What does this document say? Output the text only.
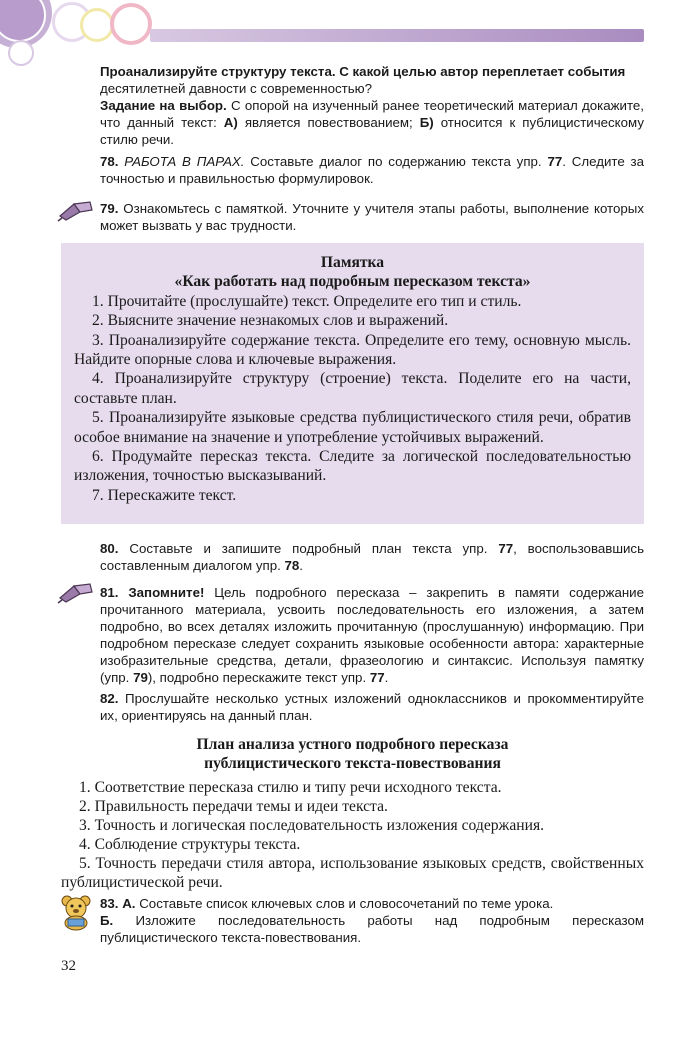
Проанализируйте структуру текста. С какой целью автор переплетает события
десятилетней давности с современностью?

Задание на выбор. С опорой на изученный ранее теоретический материал докажите, что данный текст: А) является повествованием; Б) относится к публицистическому стилю речи.

78. РАБОТА В ПАРАХ. Составьте диалог по содержанию текста упр. 77. Следите за точностью и правильностью формулировок.

79. Ознакомьтесь с памяткой. Уточните у учителя этапы работы, выполнение которых может вызвать у вас трудности.

Памятка
«Как работать над подробным пересказом текста»

1. Прочитайте (прослушайте) текст. Определите его тип и стиль.

2. Выясните значение незнакомых слов и выражений.

3. Проанализируйте содержание текста. Определите его тему, основную мысль. Найдите опорные слова и ключевые выражения.

4. Проанализируйте структуру (строение) текста. Поделите его на части, составьте план.

5. Проанализируйте языковые средства публицистического стиля речи, обратив особое внимание на значение и употребление устойчивых выражений.

6. Продумайте пересказ текста. Следите за логической последовательностью изложения, точностью высказываний.

7. Перескажите текст.

80. Составьте и запишите подробный план текста упр. 77, воспользовавшись составленным диалогом упр. 78.

81. Запомните! Цель подробного пересказа – закрепить в памяти содержание прочитанного материала, усвоить последовательность его изложения, а затем подробно, во всех деталях изложить прочитанную (прослушанную) информацию. При подробном пересказе следует сохранить языковые особенности автора: характерные изобразительные средства, детали, фразеологию и синтаксис. Используя памятку (упр. 79), подробно перескажите текст упр. 77.

82. Прослушайте несколько устных изложений одноклассников и прокомментируйте их, ориентируясь на данный план.

План анализа устного подробного пересказа
публицистического текста-повествования

1. Соответствие пересказа стилю и типу речи исходного текста.

2. Правильность передачи темы и идеи текста.

3. Точность и логическая последовательность изложения содержания.

4. Соблюдение структуры текста.

5. Точность передачи стиля автора, использование языковых средств, свойственных публицистической речи.

83. А. Составьте список ключевых слов и словосочетаний по теме урока.

Б. Изложите последовательность работы над подробным пересказом публицистического текста-повествования.

32
